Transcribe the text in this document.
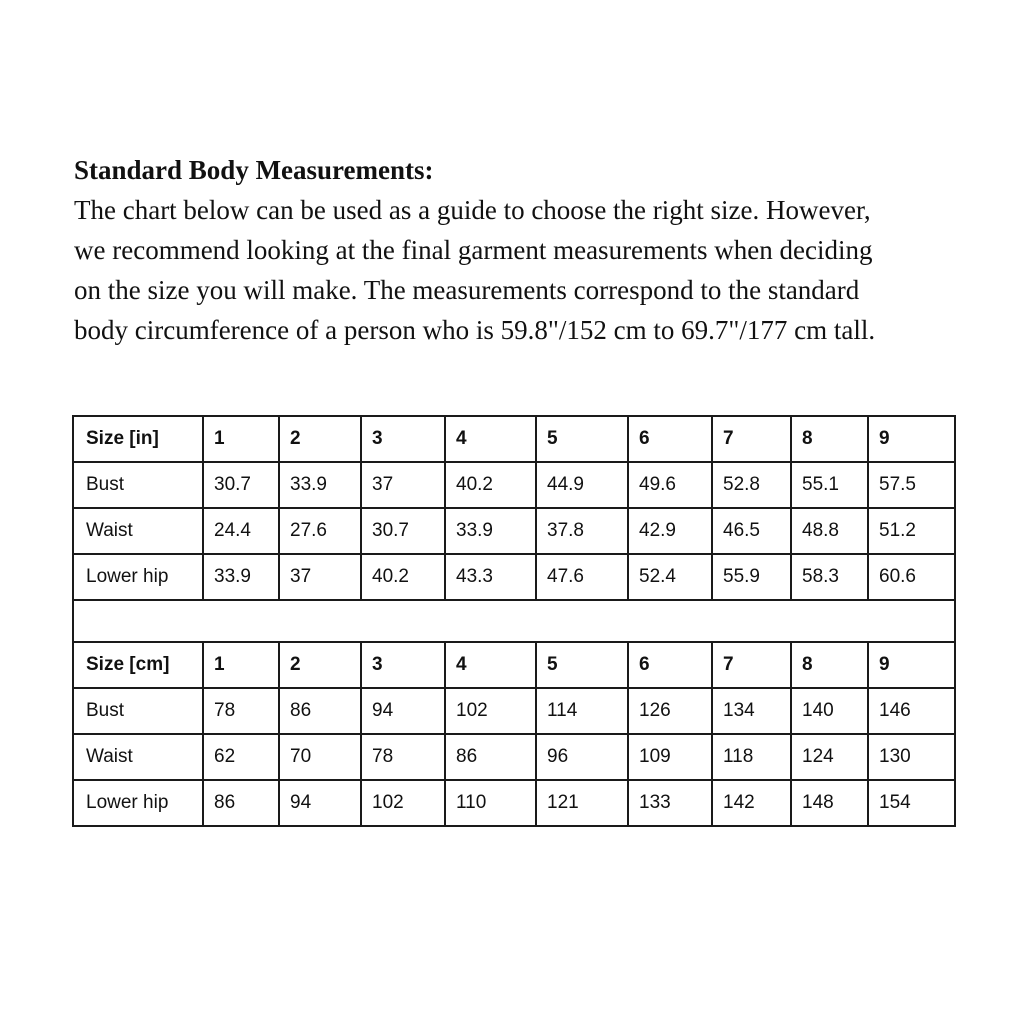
Standard Body Measurements:

The chart below can be used as a guide to choose the right size. However,

we recommend looking at the final garment measurements when deciding

on the size you will make. The measurements correspond to the standard

body circumference of a person who is 59.8"/152 cm to 69.7"/177 cm tall.

Size [in]	1	2	3	4	5	6	7	8	9
Bust	30.7	33.9	37	40.2	44.9	49.6	52.8	55.1	57.5
Waist	24.4	27.6	30.7	33.9	37.8	42.9	46.5	48.8	51.2
Lower hip	33.9	37	40.2	43.3	47.6	52.4	55.9	58.3	60.6

Size [cm]	1	2	3	4	5	6	7	8	9
Bust	78	86	94	102	114	126	134	140	146
Waist	62	70	78	86	96	109	118	124	130
Lower hip	86	94	102	110	121	133	142	148	154
